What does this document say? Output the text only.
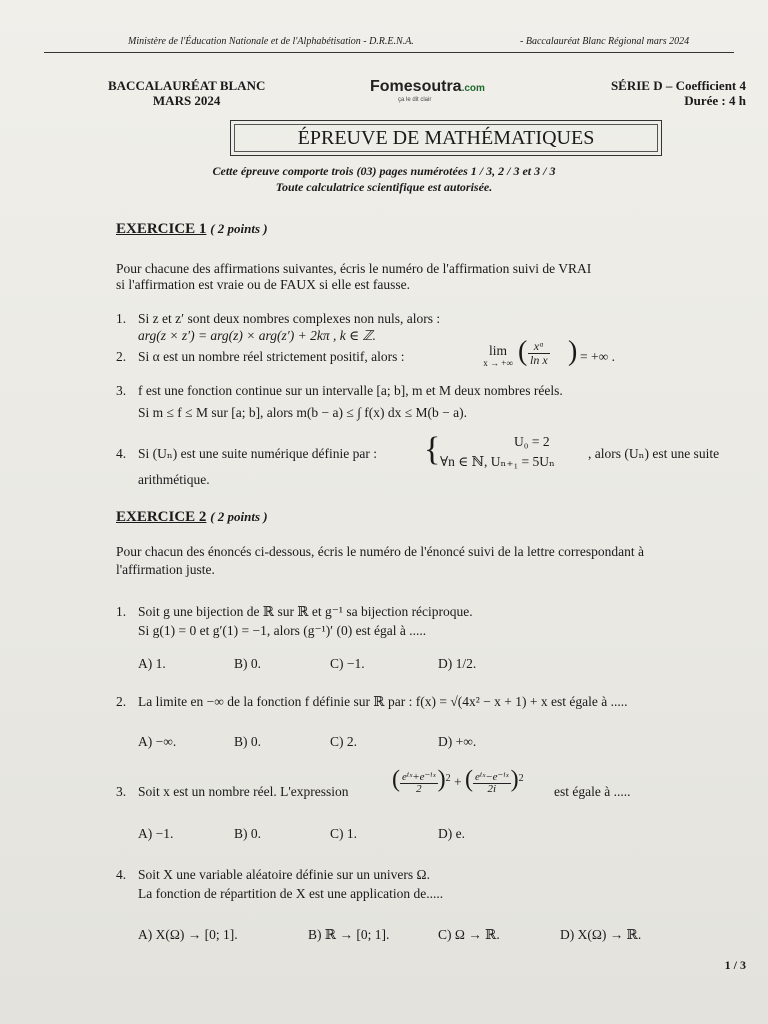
Ministère de l'Éducation Nationale et de l'Alphabétisation - D.R.E.N.A.	- Baccalauréat Blanc Régional mars 2024
BACCALAURÉAT BLANC
MARS 2024
Fomesoutra.com
ça le dit clair
SÉRIE D – Coefficient 4
Durée : 4 h
ÉPREUVE DE MATHÉMATIQUES
Cette épreuve comporte trois (03) pages numérotées 1 / 3, 2 / 3 et 3 / 3
Toute calculatrice scientifique est autorisée.
EXERCICE 1 ( 2 points )
Pour chacune des affirmations suivantes, écris le numéro de l'affirmation suivi de VRAI
si l'affirmation est vraie ou de FAUX si elle est fausse.
1. Si z et z′ sont deux nombres complexes non nuls, alors :
arg(z × z′) = arg(z) × arg(z′) + 2kπ , k ∈ ℤ.
2. Si α est un nombre réel strictement positif, alors :	lim
x → +∞ ( $\frac{\text{xᵅ}}{\text{ln x}}$ ) = +∞ .
3. f est une fonction continue sur un intervalle [a; b], m et M deux nombres réels.
Si m ≤ f ≤ M sur [a; b], alors m(b − a) ≤ ∫ f(x) dx ≤ M(b − a).
4. Si (Uₙ) est une suite numérique définie par : {	U₀ = 2
∀n ∈ ℕ, Uₙ₊₁ = 5Uₙ
, alors (Uₙ) est une suite
arithmétique.
EXERCICE 2 ( 2 points )
Pour chacun des énoncés ci-dessous, écris le numéro de l'énoncé suivi de la lettre correspondant à
l'affirmation juste.
1. Soit g une bijection de ℝ sur ℝ et g⁻¹ sa bijection réciproque.
Si g(1) = 0 et g′(1) = −1, alors (g⁻¹)′ (0) est égal à .....
A) 1.	B) 0.	C) −1.	D) 1/2.
2. La limite en −∞ de la fonction f définie sur ℝ par : f(x) = √(4x² − x + 1) + x est égale à .....
A) −∞.	B) 0.	C) 2.	D) +∞.
3. Soit x est un nombre réel. L'expression ( $\frac{\text{eⁱˣ+e⁻ⁱˣ}}{2} )^2$ + ( $\frac{\text{eⁱˣ−e⁻ⁱˣ}}{2i} )^2$
est égale à .....
A) −1.	B) 0.	C) 1.	D) e.
4. Soit X une variable aléatoire définie sur un univers Ω.
La fonction de répartition de X est une application de.....
A) X(Ω) → [0; 1].	B) ℝ → [0; 1].	C) Ω → ℝ.	D) X(Ω) → ℝ.
1 / 3
